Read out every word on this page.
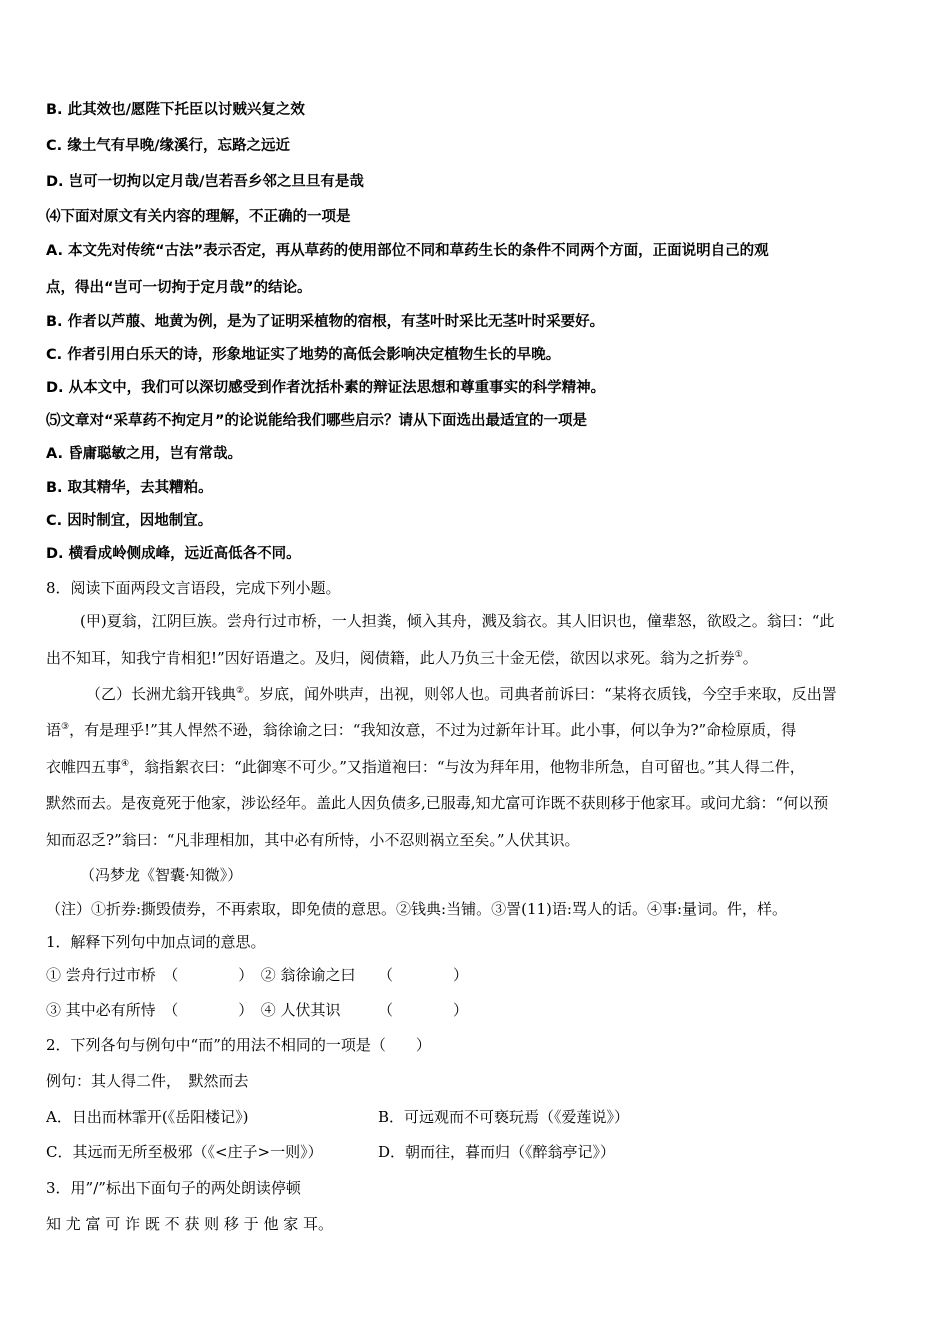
B. 此其效也/愿陛下托臣以讨贼兴复之效
C. 缘土气有早晚/缘溪行，忘路之远近
D. 岂可一切拘以定月哉/岂若吾乡邻之旦旦有是哉
⑷下面对原文有关内容的理解，不正确的一项是
A. 本文先对传统“古法”表示否定，再从草药的使用部位不同和草药生长的条件不同两个方面，正面说明自己的观
点，得出“岂可一切拘于定月哉”的结论。
B. 作者以芦菔、地黄为例，是为了证明采植物的宿根，有茎叶时采比无茎叶时采要好。
C. 作者引用白乐天的诗，形象地证实了地势的高低会影响决定植物生长的早晚。
D. 从本文中，我们可以深切感受到作者沈括朴素的辩证法思想和尊重事实的科学精神。
⑸文章对“采草药不拘定月”的论说能给我们哪些启示？请从下面选出最适宜的一项是
A. 昏庸聪敏之用，岂有常哉。
B. 取其精华，去其糟粕。
C. 因时制宜，因地制宜。
D. 横看成岭侧成峰，远近高低各不同。
8．阅读下面两段文言语段，完成下列小题。
(甲)夏翁，江阴巨族。尝舟行过市桥，一人担粪，倾入其舟，溅及翁衣。其人旧识也，僮辈怒，欲殴之。翁曰：“此
出不知耳，知我宁肯相犯!”因好语遣之。及归，阅债籍，此人乃负三十金无偿，欲因以求死。翁为之折券①。
（乙）长洲尤翁开钱典②。岁底，闻外哄声，出视，则邻人也。司典者前诉曰：“某将衣质钱，今空手来取，反出詈
语③，有是理乎!”其人悍然不逊，翁徐谕之曰：“我知汝意，不过为过新年计耳。此小事，何以争为?”命检原质，得
衣帷四五事④，翁指絮衣曰：“此御寒不可少。”又指道袍曰：“与汝为拜年用，他物非所急，自可留也。”其人得二件，
默然而去。是夜竟死于他家，涉讼经年。盖此人因负债多,已服毒,知尤富可诈既不获則移于他家耳。或问尤翁：“何以预
知而忍乏?”翁曰：“凡非理相加，其中必有所恃，小不忍则祸立至矣。”人伏其识。
（冯梦龙《智囊·知微》）
（注）①折券:撕毁债券，不再索取，即免债的意思。②钱典:当铺。③詈(11)语:骂人的话。④事:量词。件，样。
1．解释下列句中加点词的意思。
① 尝舟行过市桥　（　　　　）　② 翁徐谕之曰　　（　　　　）
③ 其中必有所恃　（　　　　）　④ 人伏其识　　　（　　　　）
2．下列各句与例句中“而”的用法不相同的一项是（　　）
例句：其人得二件，　默然而去
A．日出而林霏开(《岳阳楼记》)	B．可远观而不可亵玩焉（《爱莲说》）
C．其远而无所至极邪（《<庄子>一则》）	D．朝而往，暮而归（《醉翁亭记》）
3．用”/”标出下面句子的两处朗读停顿
知 尤 富 可 诈 既 不 获 则 移 于 他 家 耳。
